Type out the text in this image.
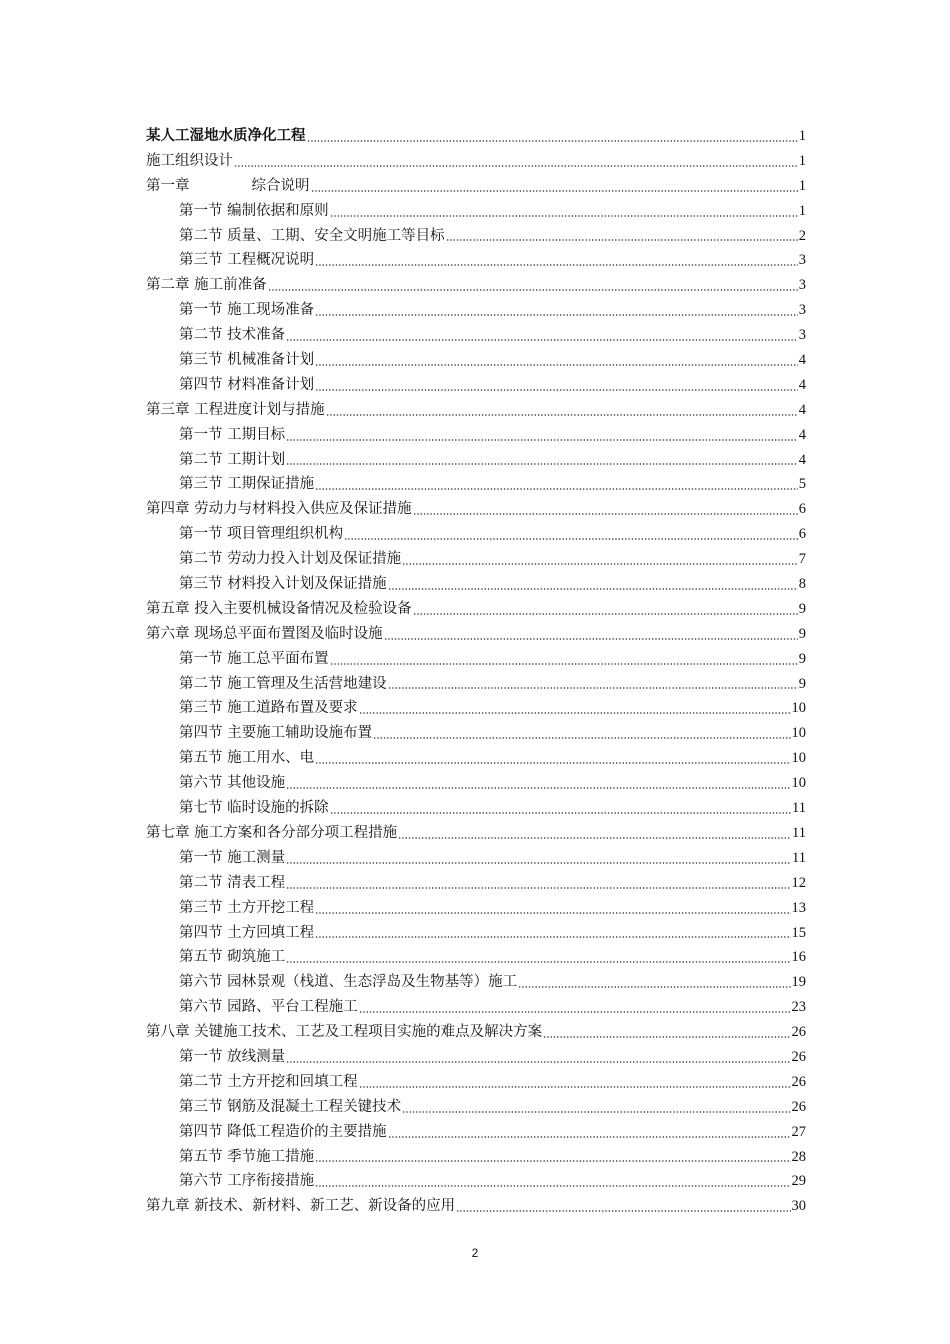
某人工湿地水质净化工程	1
施工组织设计	1
第一章	综合说明	1
第一节 编制依据和原则	1
第二节 质量、工期、安全文明施工等目标	2
第三节 工程概况说明	3
第二章 施工前准备	3
第一节 施工现场准备	3
第二节 技术准备	3
第三节 机械准备计划	4
第四节 材料准备计划	4
第三章 工程进度计划与措施	4
第一节 工期目标	4
第二节 工期计划	4
第三节 工期保证措施	5
第四章 劳动力与材料投入供应及保证措施	6
第一节 项目管理组织机构	6
第二节 劳动力投入计划及保证措施	7
第三节 材料投入计划及保证措施	8
第五章 投入主要机械设备情况及检验设备	9
第六章 现场总平面布置图及临时设施	9
第一节 施工总平面布置	9
第二节 施工管理及生活营地建设	9
第三节 施工道路布置及要求	10
第四节 主要施工辅助设施布置	10
第五节 施工用水、电	10
第六节 其他设施	10
第七节 临时设施的拆除	11
第七章 施工方案和各分部分项工程措施	11
第一节 施工测量	11
第二节 清表工程	12
第三节 土方开挖工程	13
第四节 土方回填工程	15
第五节 砌筑施工	16
第六节 园林景观（栈道、生态浮岛及生物基等）施工	19
第六节 园路、平台工程施工	23
第八章 关键施工技术、工艺及工程项目实施的难点及解决方案	26
第一节 放线测量	26
第二节 土方开挖和回填工程	26
第三节 钢筋及混凝土工程关键技术	26
第四节 降低工程造价的主要措施	27
第五节 季节施工措施	28
第六节 工序衔接措施	29
第九章 新技术、新材料、新工艺、新设备的应用	30
2
